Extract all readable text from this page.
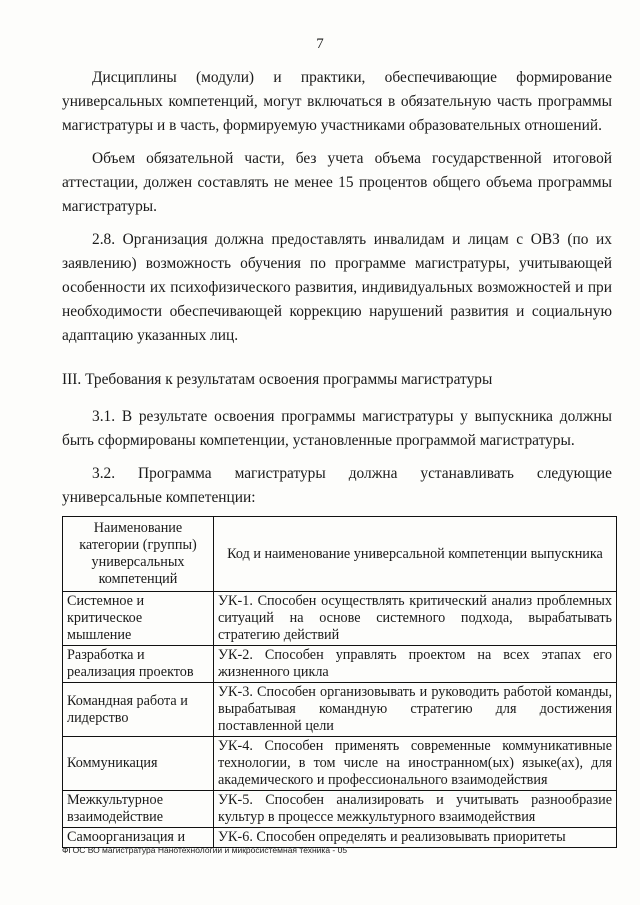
7

Дисциплины (модули) и практики, обеспечивающие формирование универсальных компетенций, могут включаться в обязательную часть программы магистратуры и в часть, формируемую участниками образовательных отношений.

Объем обязательной части, без учета объема государственной итоговой аттестации, должен составлять не менее 15 процентов общего объема программы магистратуры.

2.8. Организация должна предоставлять инвалидам и лицам с ОВЗ (по их заявлению) возможность обучения по программе магистратуры, учитывающей особенности их психофизического развития, индивидуальных возможностей и при необходимости обеспечивающей коррекцию нарушений развития и социальную адаптацию указанных лиц.

III. Требования к результатам освоения программы магистратуры

3.1. В результате освоения программы магистратуры у выпускника должны быть сформированы компетенции, установленные программой магистратуры.

3.2. Программа магистратуры должна устанавливать следующие универсальные компетенции:

Наименование категории (группы) универсальных компетенций	Код и наименование универсальной компетенции выпускника
Системное и критическое мышление	УК-1. Способен осуществлять критический анализ проблемных ситуаций на основе системного подхода, вырабатывать стратегию действий
Разработка и реализация проектов	УК-2. Способен управлять проектом на всех этапах его жизненного цикла
Командная работа и лидерство	УК-3. Способен организовывать и руководить работой команды, вырабатывая командную стратегию для достижения поставленной цели
Коммуникация	УК-4. Способен применять современные коммуникативные технологии, в том числе на иностранном(ых) языке(ах), для академического и профессионального взаимодействия
Межкультурное взаимодействие	УК-5. Способен анализировать и учитывать разнообразие культур в процессе межкультурного взаимодействия
Самоорганизация и	УК-6. Способен определять и реализовывать приоритеты
ФГОС ВО магистратура Нанотехнологии и микросистемная техника - 05
